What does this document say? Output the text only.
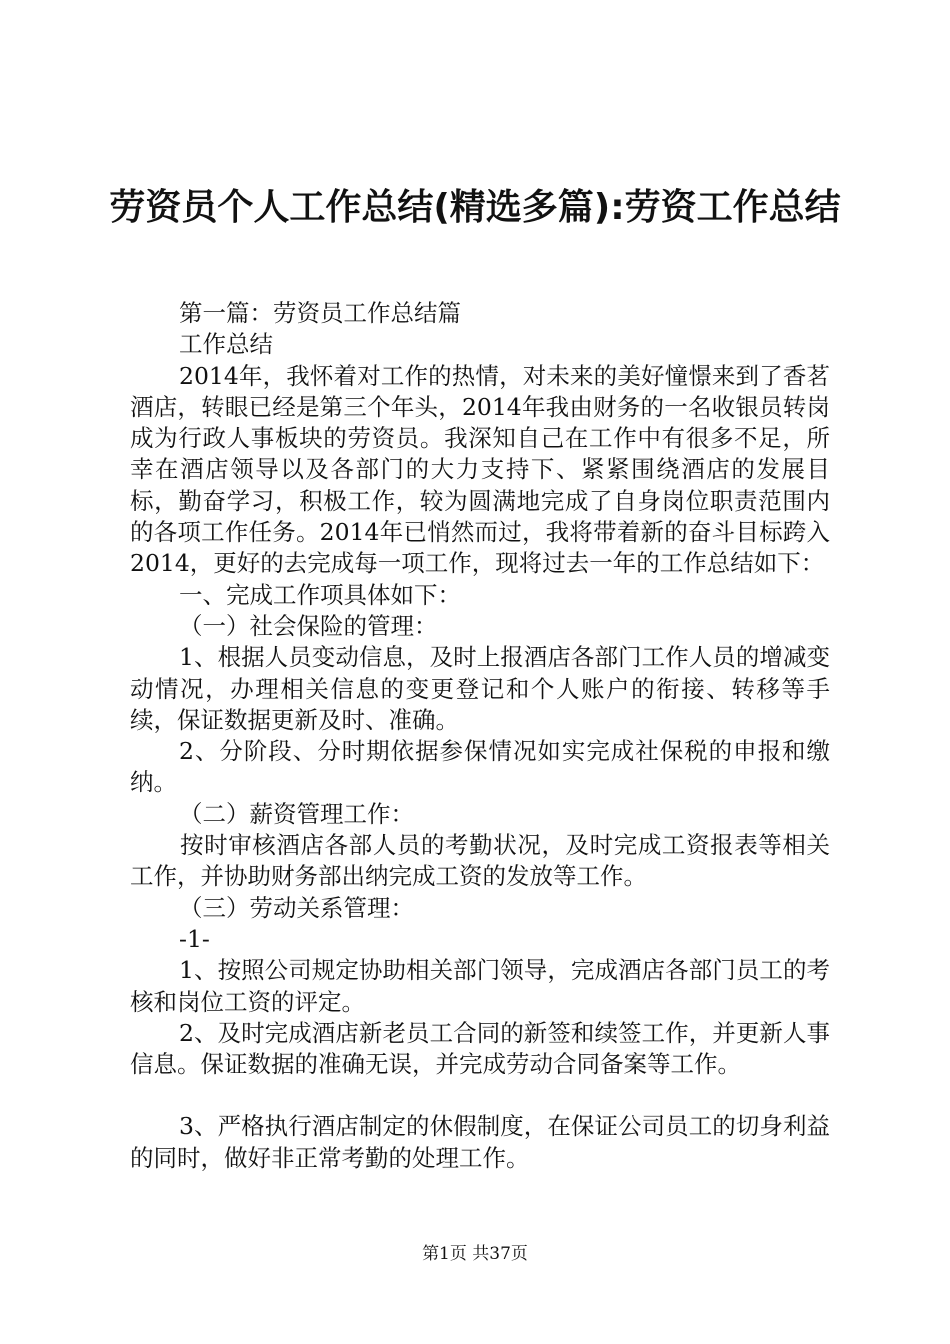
劳资员个人工作总结(精选多篇):劳资工作总结

第一篇：劳资员工作总结篇

工作总结

2014年，我怀着对工作的热情，对未来的美好憧憬来到了香茗酒店，转眼已经是第三个年头，2014年我由财务的一名收银员转岗成为行政人事板块的劳资员。我深知自己在工作中有很多不足，所幸在酒店领导以及各部门的大力支持下、紧紧围绕酒店的发展目标，勤奋学习，积极工作，较为圆满地完成了自身岗位职责范围内的各项工作任务。2014年已悄然而过，我将带着新的奋斗目标跨入2014，更好的去完成每一项工作，现将过去一年的工作总结如下：

一、完成工作项具体如下：

（一）社会保险的管理：

1、根据人员变动信息，及时上报酒店各部门工作人员的增减变动情况，办理相关信息的变更登记和个人账户的衔接、转移等手续，保证数据更新及时、准确。

2、分阶段、分时期依据参保情况如实完成社保税的申报和缴纳。

（二）薪资管理工作：

按时审核酒店各部人员的考勤状况，及时完成工资报表等相关工作，并协助财务部出纳完成工资的发放等工作。

（三）劳动关系管理：

-1-

1、按照公司规定协助相关部门领导，完成酒店各部门员工的考核和岗位工资的评定。

2、及时完成酒店新老员工合同的新签和续签工作，并更新人事信息。保证数据的准确无误，并完成劳动合同备案等工作。

3、严格执行酒店制定的休假制度，在保证公司员工的切身利益的同时，做好非正常考勤的处理工作。

第1页 共37页
